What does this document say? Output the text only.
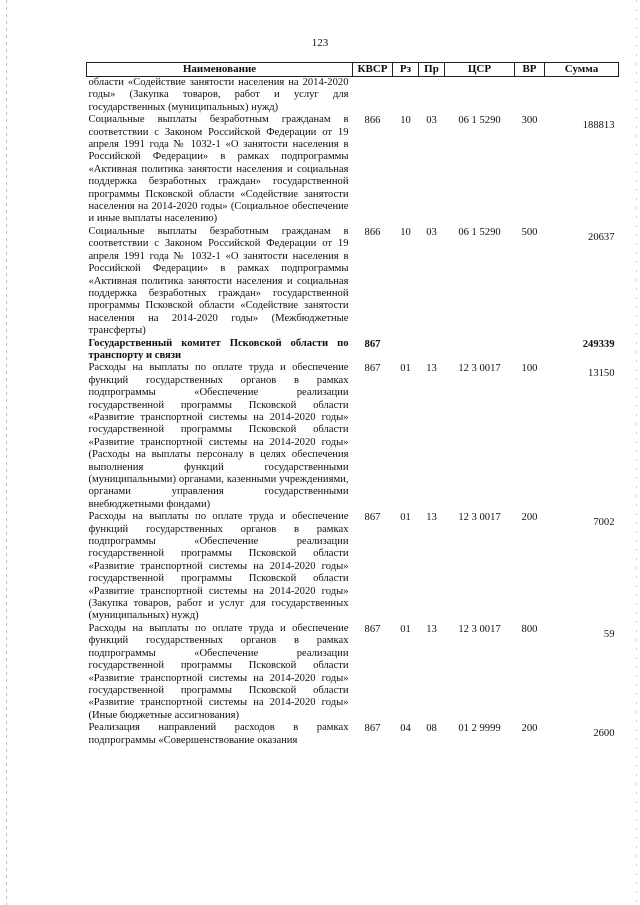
123
Наименование	КВСР	Рз	Пр	ЦСР	ВР	Сумма
области «Содействие занятости населения на 2014-2020 годы» (Закупка товаров, работ и услуг для государственных (муниципальных) нужд)						
Социальные выплаты безработным гражданам в соответствии с Законом Российской Федерации от 19 апреля 1991 года № 1032-1 «О занятости населения в Российской Федерации» в рамках подпрограммы «Активная политика занятости населения и социальная поддержка безработных граждан» государственной программы Псковской области «Содействие занятости населения на 2014-2020 годы» (Социальное обеспечение и иные выплаты населению)	866	10	03	06 1 5290	300	188813
Социальные выплаты безработным гражданам в соответствии с Законом Российской Федерации от 19 апреля 1991 года № 1032-1 «О занятости населения в Российской Федерации» в рамках подпрограммы «Активная политика занятости населения и социальная поддержка безработных граждан» государственной программы Псковской области «Содействие занятости населения на 2014-2020 годы» (Межбюджетные трансферты)	866	10	03	06 1 5290	500	20637
Государственный комитет Псковской области по транспорту и связи	867					249339
Расходы на выплаты по оплате труда и обеспечение функций государственных органов в рамках подпрограммы «Обеспечение реализации государственной программы Псковской области «Развитие транспортной системы на 2014-2020 годы» государственной программы Псковской области «Развитие транспортной системы на 2014-2020 годы» (Расходы на выплаты персоналу в целях обеспечения выполнения функций государственными (муниципальными) органами, казенными учреждениями, органами управления государственными внебюджетными фондами)	867	01	13	12 3 0017	100	13150
Расходы на выплаты по оплате труда и обеспечение функций государственных органов в рамках подпрограммы «Обеспечение реализации государственной программы Псковской области «Развитие транспортной системы на 2014-2020 годы» государственной программы Псковской области «Развитие транспортной системы на 2014-2020 годы» (Закупка товаров, работ и услуг для государственных (муниципальных) нужд)	867	01	13	12 3 0017	200	7002
Расходы на выплаты по оплате труда и обеспечение функций государственных органов в рамках подпрограммы «Обеспечение реализации государственной программы Псковской области «Развитие транспортной системы на 2014-2020 годы» государственной программы Псковской области «Развитие транспортной системы на 2014-2020 годы» (Иные бюджетные ассигнования)	867	01	13	12 3 0017	800	59
Реализация направлений расходов в рамках подпрограммы «Совершенствование оказания	867	04	08	01 2 9999	200	2600
